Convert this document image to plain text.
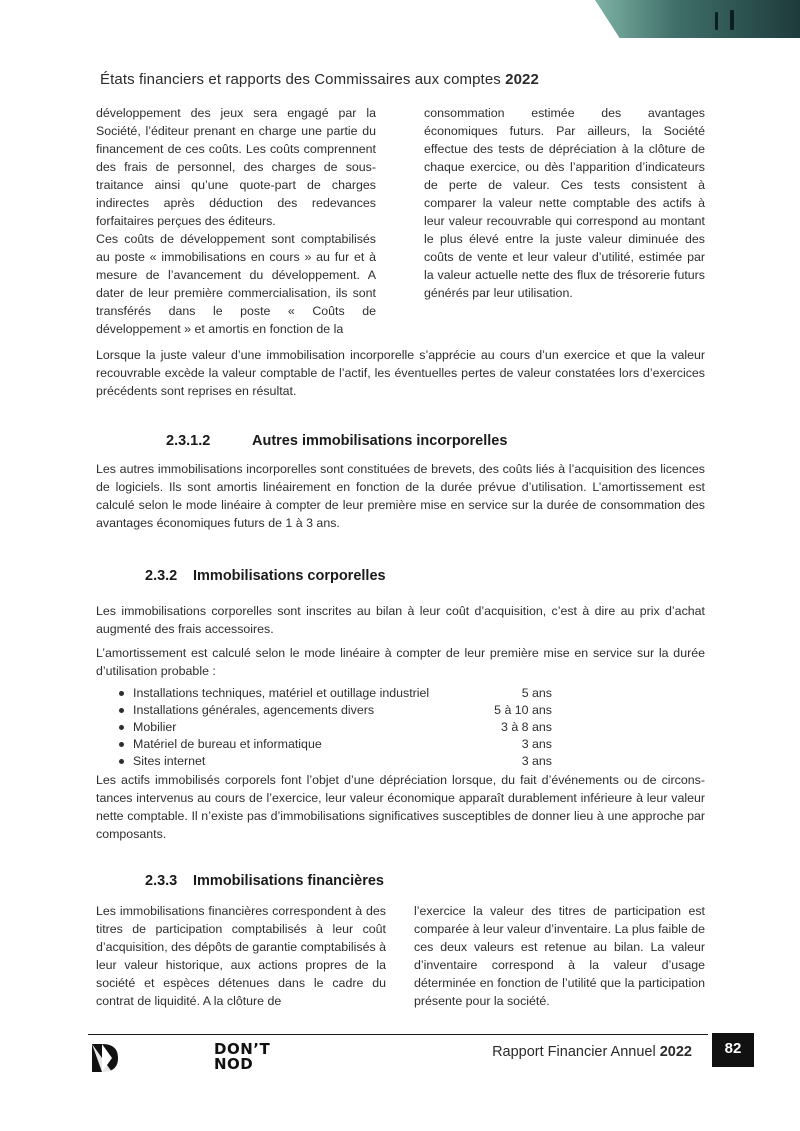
États financiers et rapports des Commissaires aux comptes 2022

développement des jeux sera engagé par la Société, l’éditeur prenant en charge une partie du financement de ces coûts. Les coûts comprennent des frais de personnel, des charges de sous-traitance ainsi qu’une quote-part de charges indirectes après déduction des redevances forfaitaires perçues des éditeurs.

Ces coûts de développement sont comptabilisés au poste « immobilisations en cours » au fur et à mesure de l’avancement du développement. A dater de leur première commercialisation, ils sont transférés dans le poste « Coûts de développement » et amortis en fonction de la

consommation estimée des avantages économiques futurs. Par ailleurs, la Société effectue des tests de dépréciation à la clôture de chaque exercice, ou dès l’apparition d’indicateurs de perte de valeur. Ces tests consistent à comparer la valeur nette comptable des actifs à leur valeur recouvrable qui correspond au montant le plus élevé entre la juste valeur diminuée des coûts de vente et leur valeur d’utilité, estimée par la valeur actuelle nette des flux de trésorerie futurs générés par leur utilisation.

Lorsque la juste valeur d’une immobilisation incorporelle s’apprécie au cours d’un exercice et que la valeur recouvrable excède la valeur comptable de l’actif, les éventuelles pertes de valeur constatées lors d’exercices précédents sont reprises en résultat.

2.3.1.2	Autres immobilisations incorporelles

Les autres immobilisations incorporelles sont constituées de brevets, des coûts liés à l’acquisition des licences de logiciels. Ils sont amortis linéairement en fonction de la durée prévue d’utilisation. L’amortissement est calculé selon le mode linéaire à compter de leur première mise en service sur la durée de consommation des avantages économiques futurs de 1 à 3 ans.

2.3.2 Immobilisations corporelles

Les immobilisations corporelles sont inscrites au bilan à leur coût d’acquisition, c’est à dire au prix d’achat augmenté des frais accessoires.

L’amortissement est calculé selon le mode linéaire à compter de leur première mise en service sur la durée d’utilisation probable :

Installations techniques, matériel et outillage industriel	5 ans
Installations générales, agencements divers	5 à 10 ans
Mobilier	3 à 8 ans
Matériel de bureau et informatique	3 ans
Sites internet	3 ans

Les actifs immobilisés corporels font l’objet d’une dépréciation lorsque, du fait d’événements ou de circons-tances intervenus au cours de l’exercice, leur valeur économique apparaît durablement inférieure à leur valeur nette comptable. Il n’existe pas d’immobilisations significatives susceptibles de donner lieu à une approche par composants.

2.3.3 Immobilisations financières

Les immobilisations financières correspondent à des titres de participation comptabilisés à leur coût d’acquisition, des dépôts de garantie comptabilisés à leur valeur historique, aux actions propres de la société et espèces détenues dans le cadre du contrat de liquidité. A la clôture de

l’exercice la valeur des titres de participation est comparée à leur valeur d’inventaire. La plus faible de ces deux valeurs est retenue au bilan. La valeur d’inventaire correspond à la valeur d’usage déterminée en fonction de l’utilité que la participation présente pour la société.

DON’T
NOD
Rapport Financier Annuel 2022	82
